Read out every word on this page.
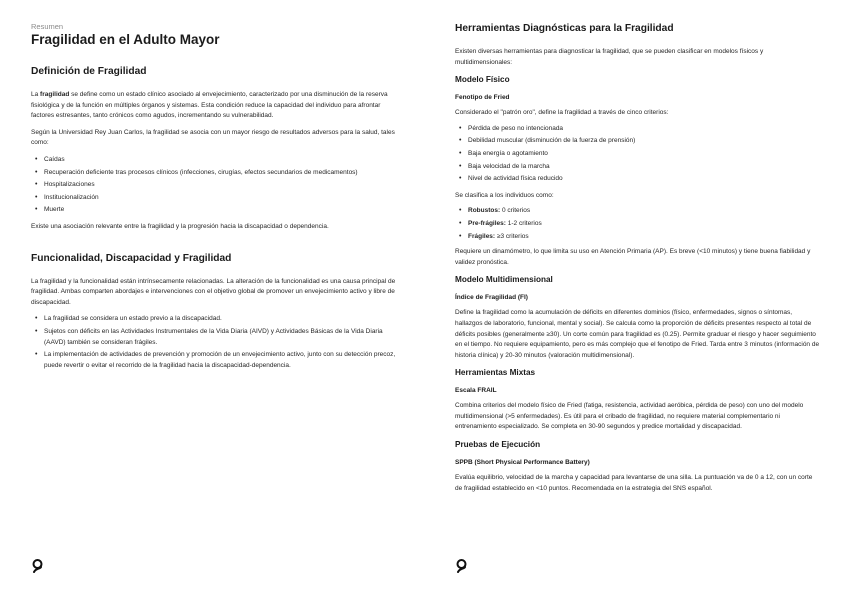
Resumen
Fragilidad en el Adulto Mayor
Definición de Fragilidad

La fragilidad se define como un estado clínico asociado al envejecimiento, caracterizado por una disminución de la reserva fisiológica y de la función en múltiples órganos y sistemas. Esta condición reduce la capacidad del individuo para afrontar factores estresantes, tanto crónicos como agudos, incrementando su vulnerabilidad.

Según la Universidad Rey Juan Carlos, la fragilidad se asocia con un mayor riesgo de resultados adversos para la salud, tales como:

• Caídas
• Recuperación deficiente tras procesos clínicos (infecciones, cirugías, efectos secundarios de medicamentos)
• Hospitalizaciones
• Institucionalización
• Muerte

Existe una asociación relevante entre la fragilidad y la progresión hacia la discapacidad o dependencia.

Funcionalidad, Discapacidad y Fragilidad

La fragilidad y la funcionalidad están intrínsecamente relacionadas. La alteración de la funcionalidad es una causa principal de fragilidad. Ambas comparten abordajes e intervenciones con el objetivo global de promover un envejecimiento activo y libre de discapacidad.

• La fragilidad se considera un estado previo a la discapacidad.
• Sujetos con déficits en las Actividades Instrumentales de la Vida Diaria (AIVD) y Actividades Básicas de la Vida Diaria (AAVD) también se consideran frágiles.
• La implementación de actividades de prevención y promoción de un envejecimiento activo, junto con su detección precoz, puede revertir o evitar el recorrido de la fragilidad hacia la discapacidad-dependencia.
Herramientas Diagnósticas para la Fragilidad

Existen diversas herramientas para diagnosticar la fragilidad, que se pueden clasificar en modelos físicos y multidimensionales:

Modelo Físico
Fenotipo de Fried

Considerado el "patrón oro", define la fragilidad a través de cinco criterios:

• Pérdida de peso no intencionada
• Debilidad muscular (disminución de la fuerza de prensión)
• Baja energía o agotamiento
• Baja velocidad de la marcha
• Nivel de actividad física reducido

Se clasifica a los individuos como:

• Robustos: 0 criterios
• Pre-frágiles: 1-2 criterios
• Frágiles: ≥3 criterios

Requiere un dinamómetro, lo que limita su uso en Atención Primaria (AP). Es breve (<10 minutos) y tiene buena fiabilidad y validez pronóstica.

Modelo Multidimensional
Índice de Fragilidad (FI)

Define la fragilidad como la acumulación de déficits en diferentes dominios (físico, enfermedades, signos o síntomas, hallazgos de laboratorio, funcional, mental y social). Se calcula como la proporción de déficits presentes respecto al total de déficits posibles (generalmente ≥30). Un corte común para fragilidad es (0.25). Permite graduar el riesgo y hacer seguimiento en el tiempo. No requiere equipamiento, pero es más complejo que el fenotipo de Fried. Tarda entre 3 minutos (información de historia clínica) y 20-30 minutos (valoración multidimensional).

Herramientas Mixtas
Escala FRAIL

Combina criterios del modelo físico de Fried (fatiga, resistencia, actividad aeróbica, pérdida de peso) con uno del modelo multidimensional (>5 enfermedades). Es útil para el cribado de fragilidad, no requiere material complementario ni entrenamiento especializado. Se completa en 30-90 segundos y predice mortalidad y discapacidad.

Pruebas de Ejecución
SPPB (Short Physical Performance Battery)

Evalúa equilibrio, velocidad de la marcha y capacidad para levantarse de una silla. La puntuación va de 0 a 12, con un corte de fragilidad establecido en <10 puntos. Recomendada en la estrategia del SNS español.
